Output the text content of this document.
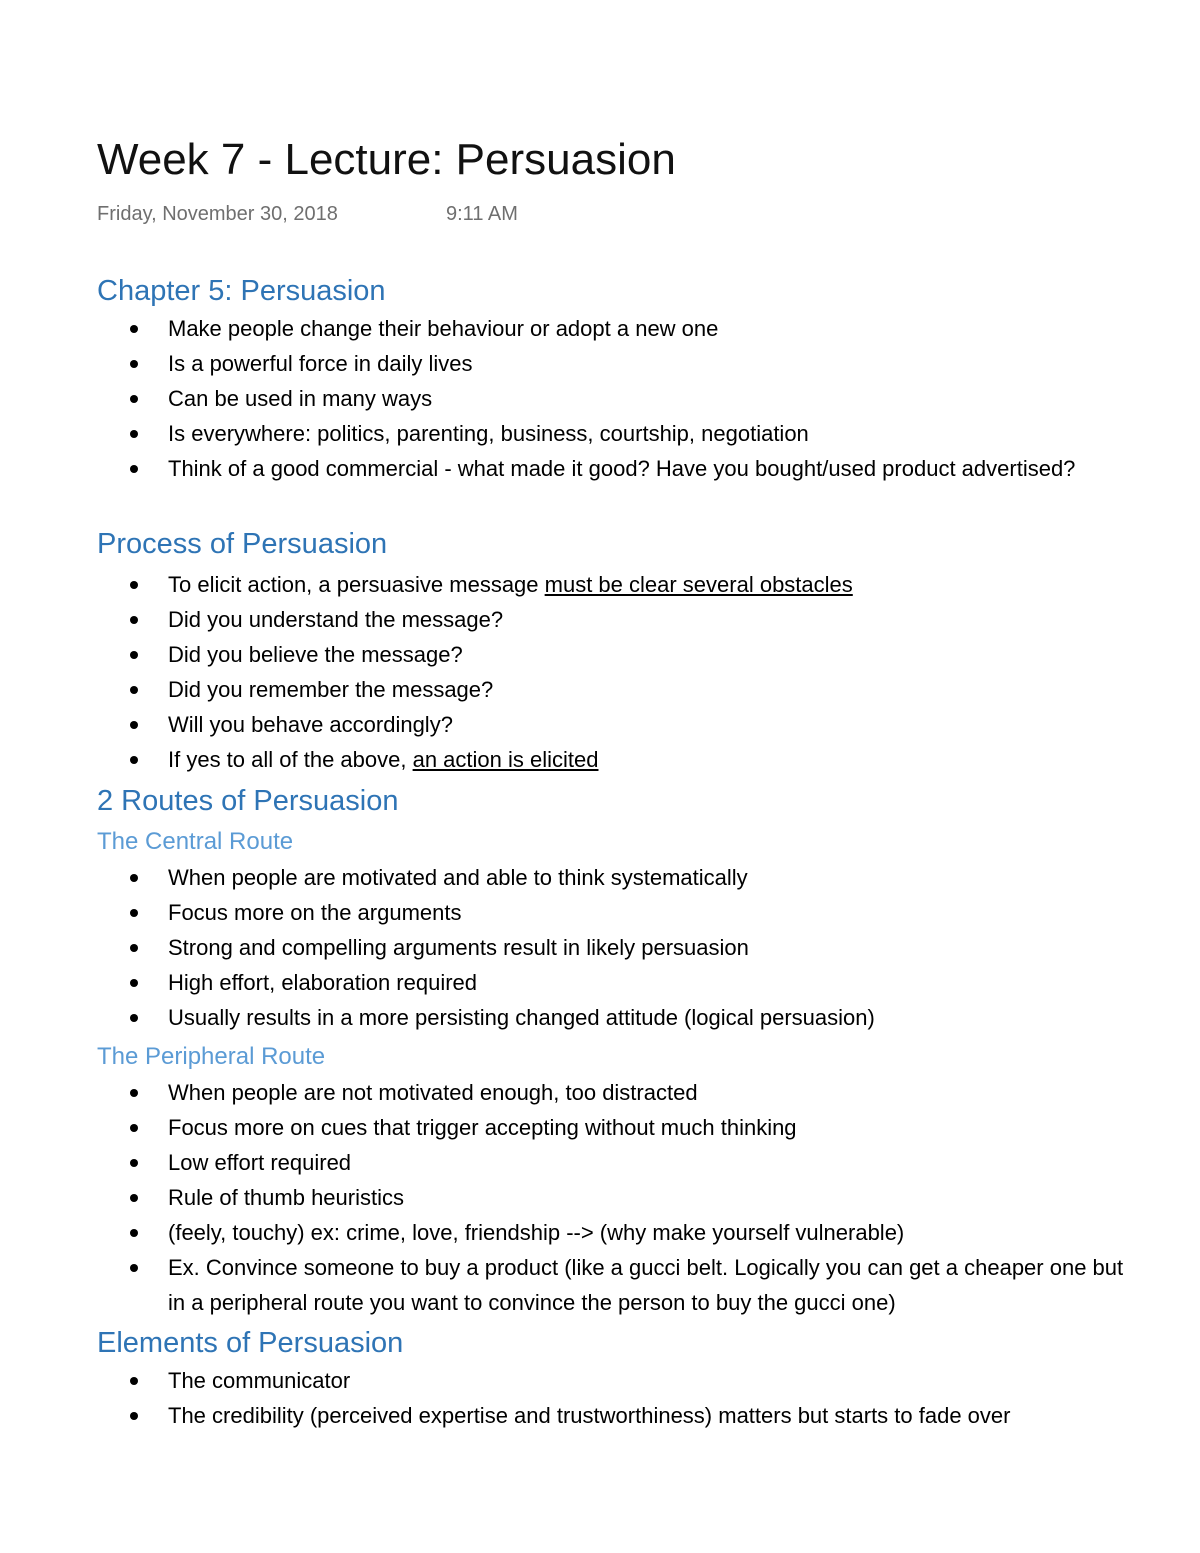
Week 7 - Lecture: Persuasion
Friday, November 30, 2018	9:11 AM
Chapter 5: Persuasion
Make people change their behaviour or adopt a new one
Is a powerful force in daily lives
Can be used in many ways
Is everywhere: politics, parenting, business, courtship, negotiation
Think of a good commercial - what made it good? Have you bought/used product advertised?
Process of Persuasion
To elicit action, a persuasive message must be clear several obstacles
Did you understand the message?
Did you believe the message?
Did you remember the message?
Will you behave accordingly?
If yes to all of the above, an action is elicited
2 Routes of Persuasion
The Central Route
When people are motivated and able to think systematically
Focus more on the arguments
Strong and compelling arguments result in likely persuasion
High effort, elaboration required
Usually results in a more persisting changed attitude (logical persuasion)
The Peripheral Route
When people are not motivated enough, too distracted
Focus more on cues that trigger accepting without much thinking
Low effort required
Rule of thumb heuristics
(feely, touchy) ex: crime, love, friendship --> (why make yourself vulnerable)
Ex. Convince someone to buy a product (like a gucci belt. Logically you can get a cheaper one but in a peripheral route you want to convince the person to buy the gucci one)
Elements of Persuasion
The communicator
The credibility (perceived expertise and trustworthiness) matters but starts to fade over
